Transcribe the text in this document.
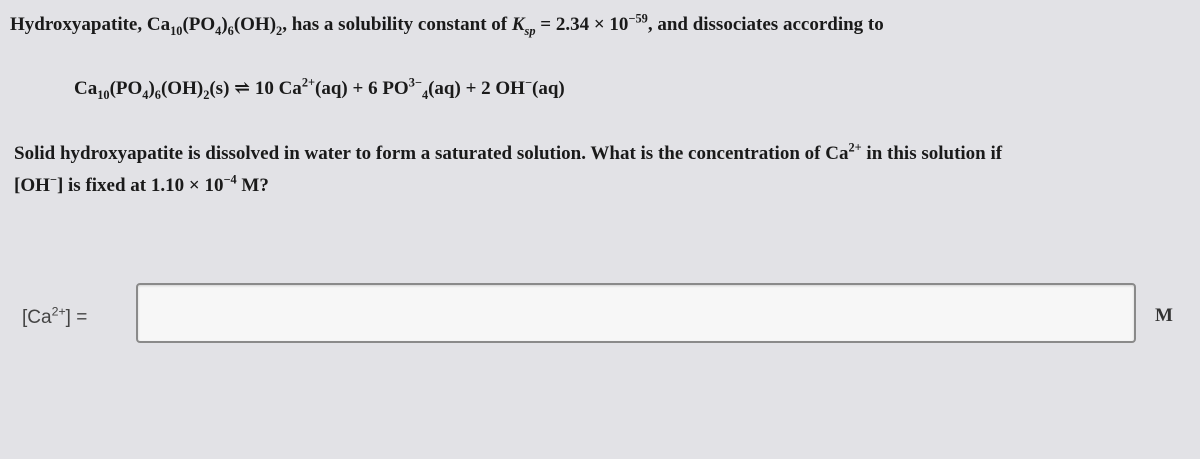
Hydroxyapatite, $Ca_{10}(PO_4)_6(OH)_2$, has a solubility constant of $K_{sp} = 2.34 \times 10^{-59}$, and dissociates according to
$Ca_{10}(PO_4)_6(OH)_2(s)$ ⇌ 10 $Ca^{2+}(aq) + 6$ $PO^{3-}_4(aq) + 2$ OH−(aq)
Solid hydroxyapatite is dissolved in water to form a saturated solution. What is the concentration of $Ca^{2+}$ in this solution if
[OH−] is fixed at $1.10 \times 10^{-4}$ M?
$[Ca^{2+}]$ =	M
